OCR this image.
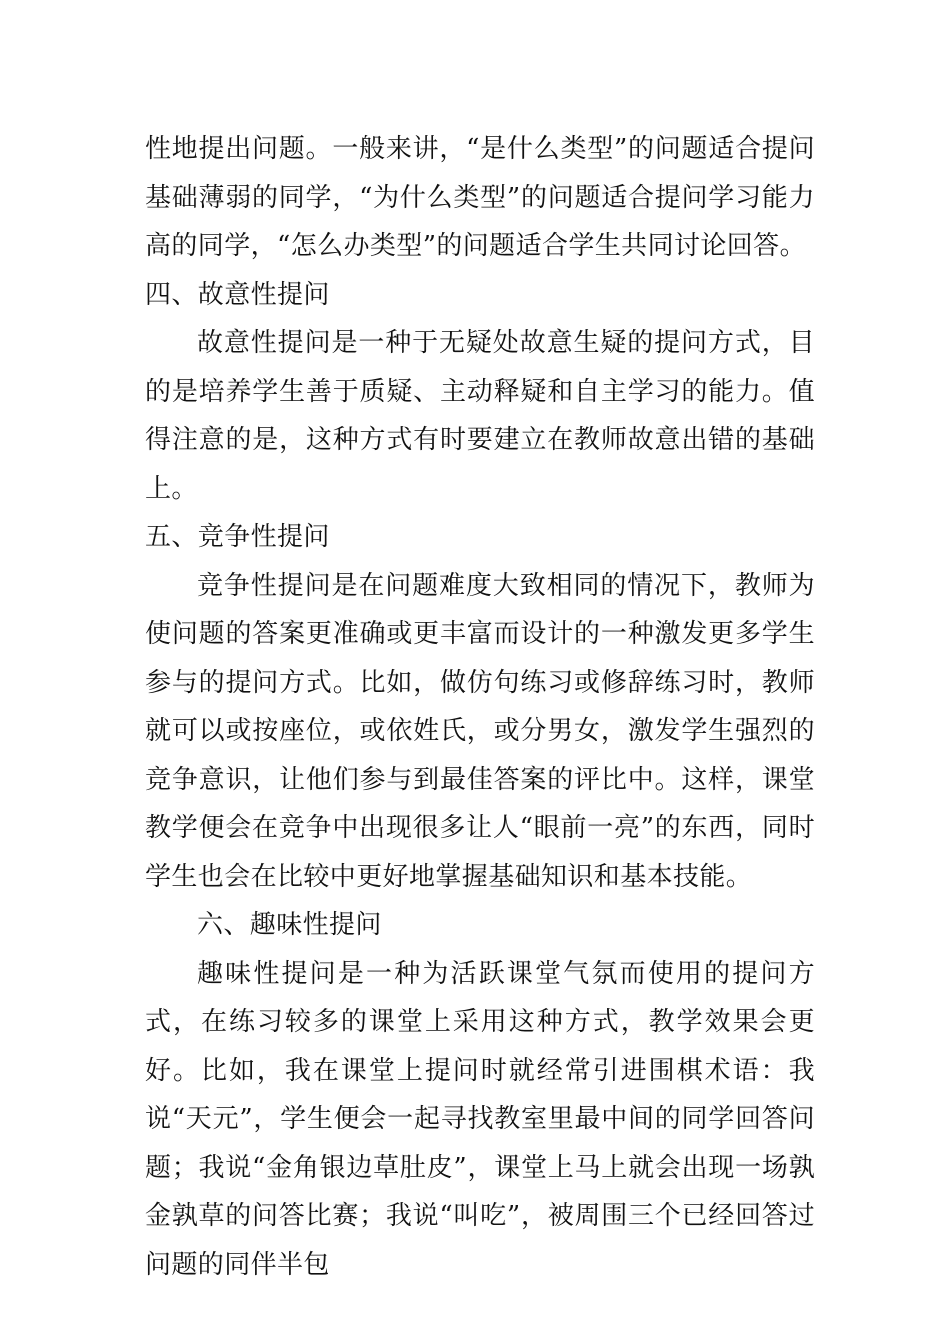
性地提出问题。一般来讲，“是什么类型”的问题适合提问基础薄弱的同学，“为什么类型”的问题适合提问学习能力高的同学，“怎么办类型”的问题适合学生共同讨论回答。

四、故意性提问

故意性提问是一种于无疑处故意生疑的提问方式，目的是培养学生善于质疑、主动释疑和自主学习的能力。值得注意的是，这种方式有时要建立在教师故意出错的基础上。

五、竞争性提问

竞争性提问是在问题难度大致相同的情况下，教师为使问题的答案更准确或更丰富而设计的一种激发更多学生参与的提问方式。比如，做仿句练习或修辞练习时，教师就可以或按座位，或依姓氏，或分男女，激发学生强烈的竞争意识，让他们参与到最佳答案的评比中。这样，课堂教学便会在竞争中出现很多让人“眼前一亮”的东西，同时学生也会在比较中更好地掌握基础知识和基本技能。

六、趣味性提问

趣味性提问是一种为活跃课堂气氛而使用的提问方式，在练习较多的课堂上采用这种方式，教学效果会更好。比如，我在课堂上提问时就经常引进围棋术语：我说“天元”，学生便会一起寻找教室里最中间的同学回答问题；我说“金角银边草肚皮”，课堂上马上就会出现一场孰金孰草的问答比赛；我说“叫吃”，被周围三个已经回答过问题的同伴半包
